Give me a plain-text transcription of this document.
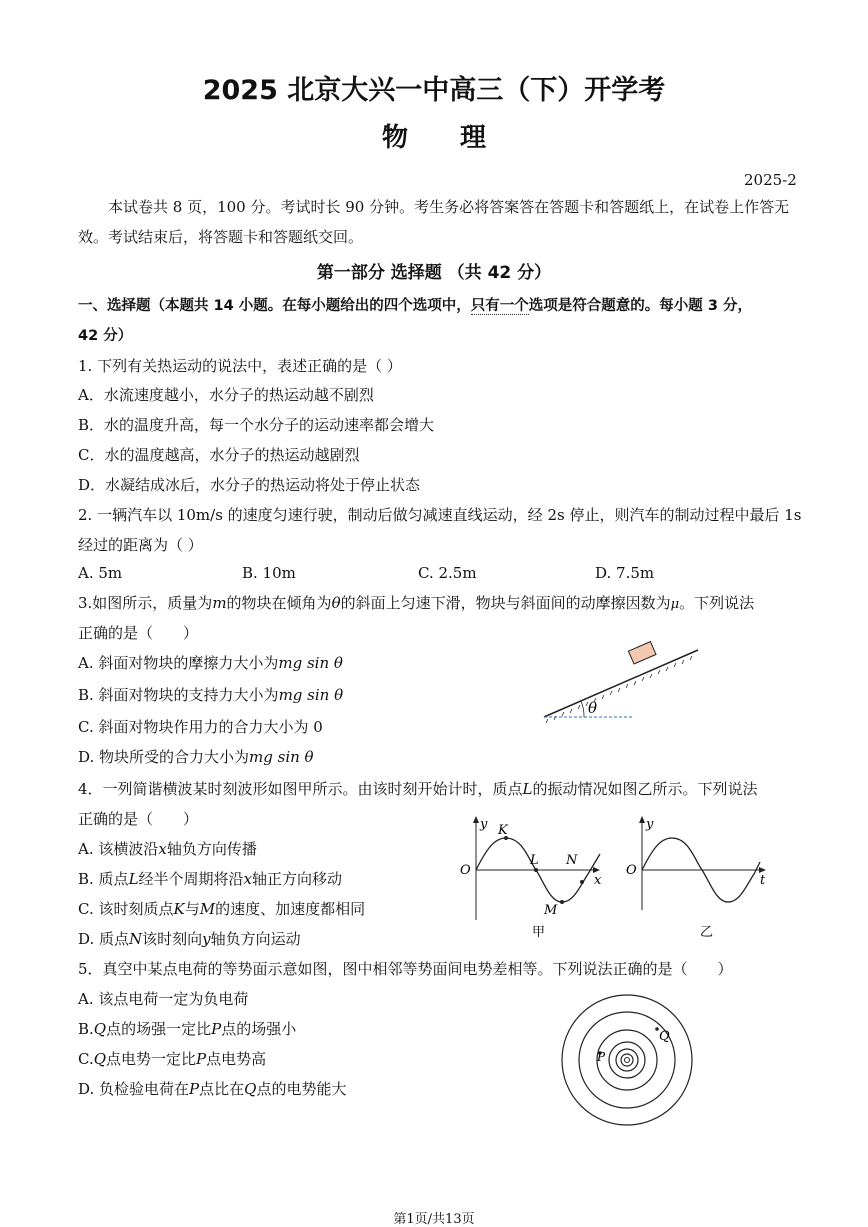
2025 北京大兴一中高三（下）开学考
物　　理
2025-2
本试卷共 8 页，100 分。考试时长 90 分钟。考生务必将答案答在答题卡和答题纸上，在试卷上作答无
效。考试结束后，将答题卡和答题纸交回。
第一部分 选择题 （共 42 分）
一、选择题（本题共 14 小题。在每小题给出的四个选项中，只有一个选项是符合题意的。每小题 3 分，
42 分）
1. 下列有关热运动的说法中，表述正确的是（ ）
A．水流速度越小，水分子的热运动越不剧烈
B．水的温度升高，每一个水分子的运动速率都会增大
C．水的温度越高，水分子的热运动越剧烈
D．水凝结成冰后，水分子的热运动将处于停止状态
2. 一辆汽车以 10m/s 的速度匀速行驶，制动后做匀减速直线运动，经 2s 停止，则汽车的制动过程中最后 1s
经过的距离为（ ）
A. 5m	B. 10m	C. 2.5m	D. 7.5m
3.如图所示，质量为m的物块在倾角为θ的斜面上匀速下滑，物块与斜面间的动摩擦因数为μ。下列说法
正确的是（　　）
A. 斜面对物块的摩擦力大小为mg sin θ
B. 斜面对物块的支持力大小为mg sin θ
C. 斜面对物块作用力的合力大小为 0
D. 物块所受的合力大小为mg sin θ
θ
4．一列简谐横波某时刻波形如图甲所示。由该时刻开始计时，质点L的振动情况如图乙所示。下列说法
正确的是（　　）
A. 该横波沿x轴负方向传播
B. 质点L经半个周期将沿x轴正方向移动
C. 该时刻质点K与M的速度、加速度都相同
D. 质点N该时刻向y轴负方向运动
y
O
x
K
L N
M
甲
y
O
t
乙
5．真空中某点电荷的等势面示意如图，图中相邻等势面间电势差相等。下列说法正确的是（　　）
A. 该点电荷一定为负电荷
B.Q点的场强一定比P点的场强小
C.Q点电势一定比P点电势高
D. 负检验电荷在P点比在Q点的电势能大
Q
P
第1页/共13页
